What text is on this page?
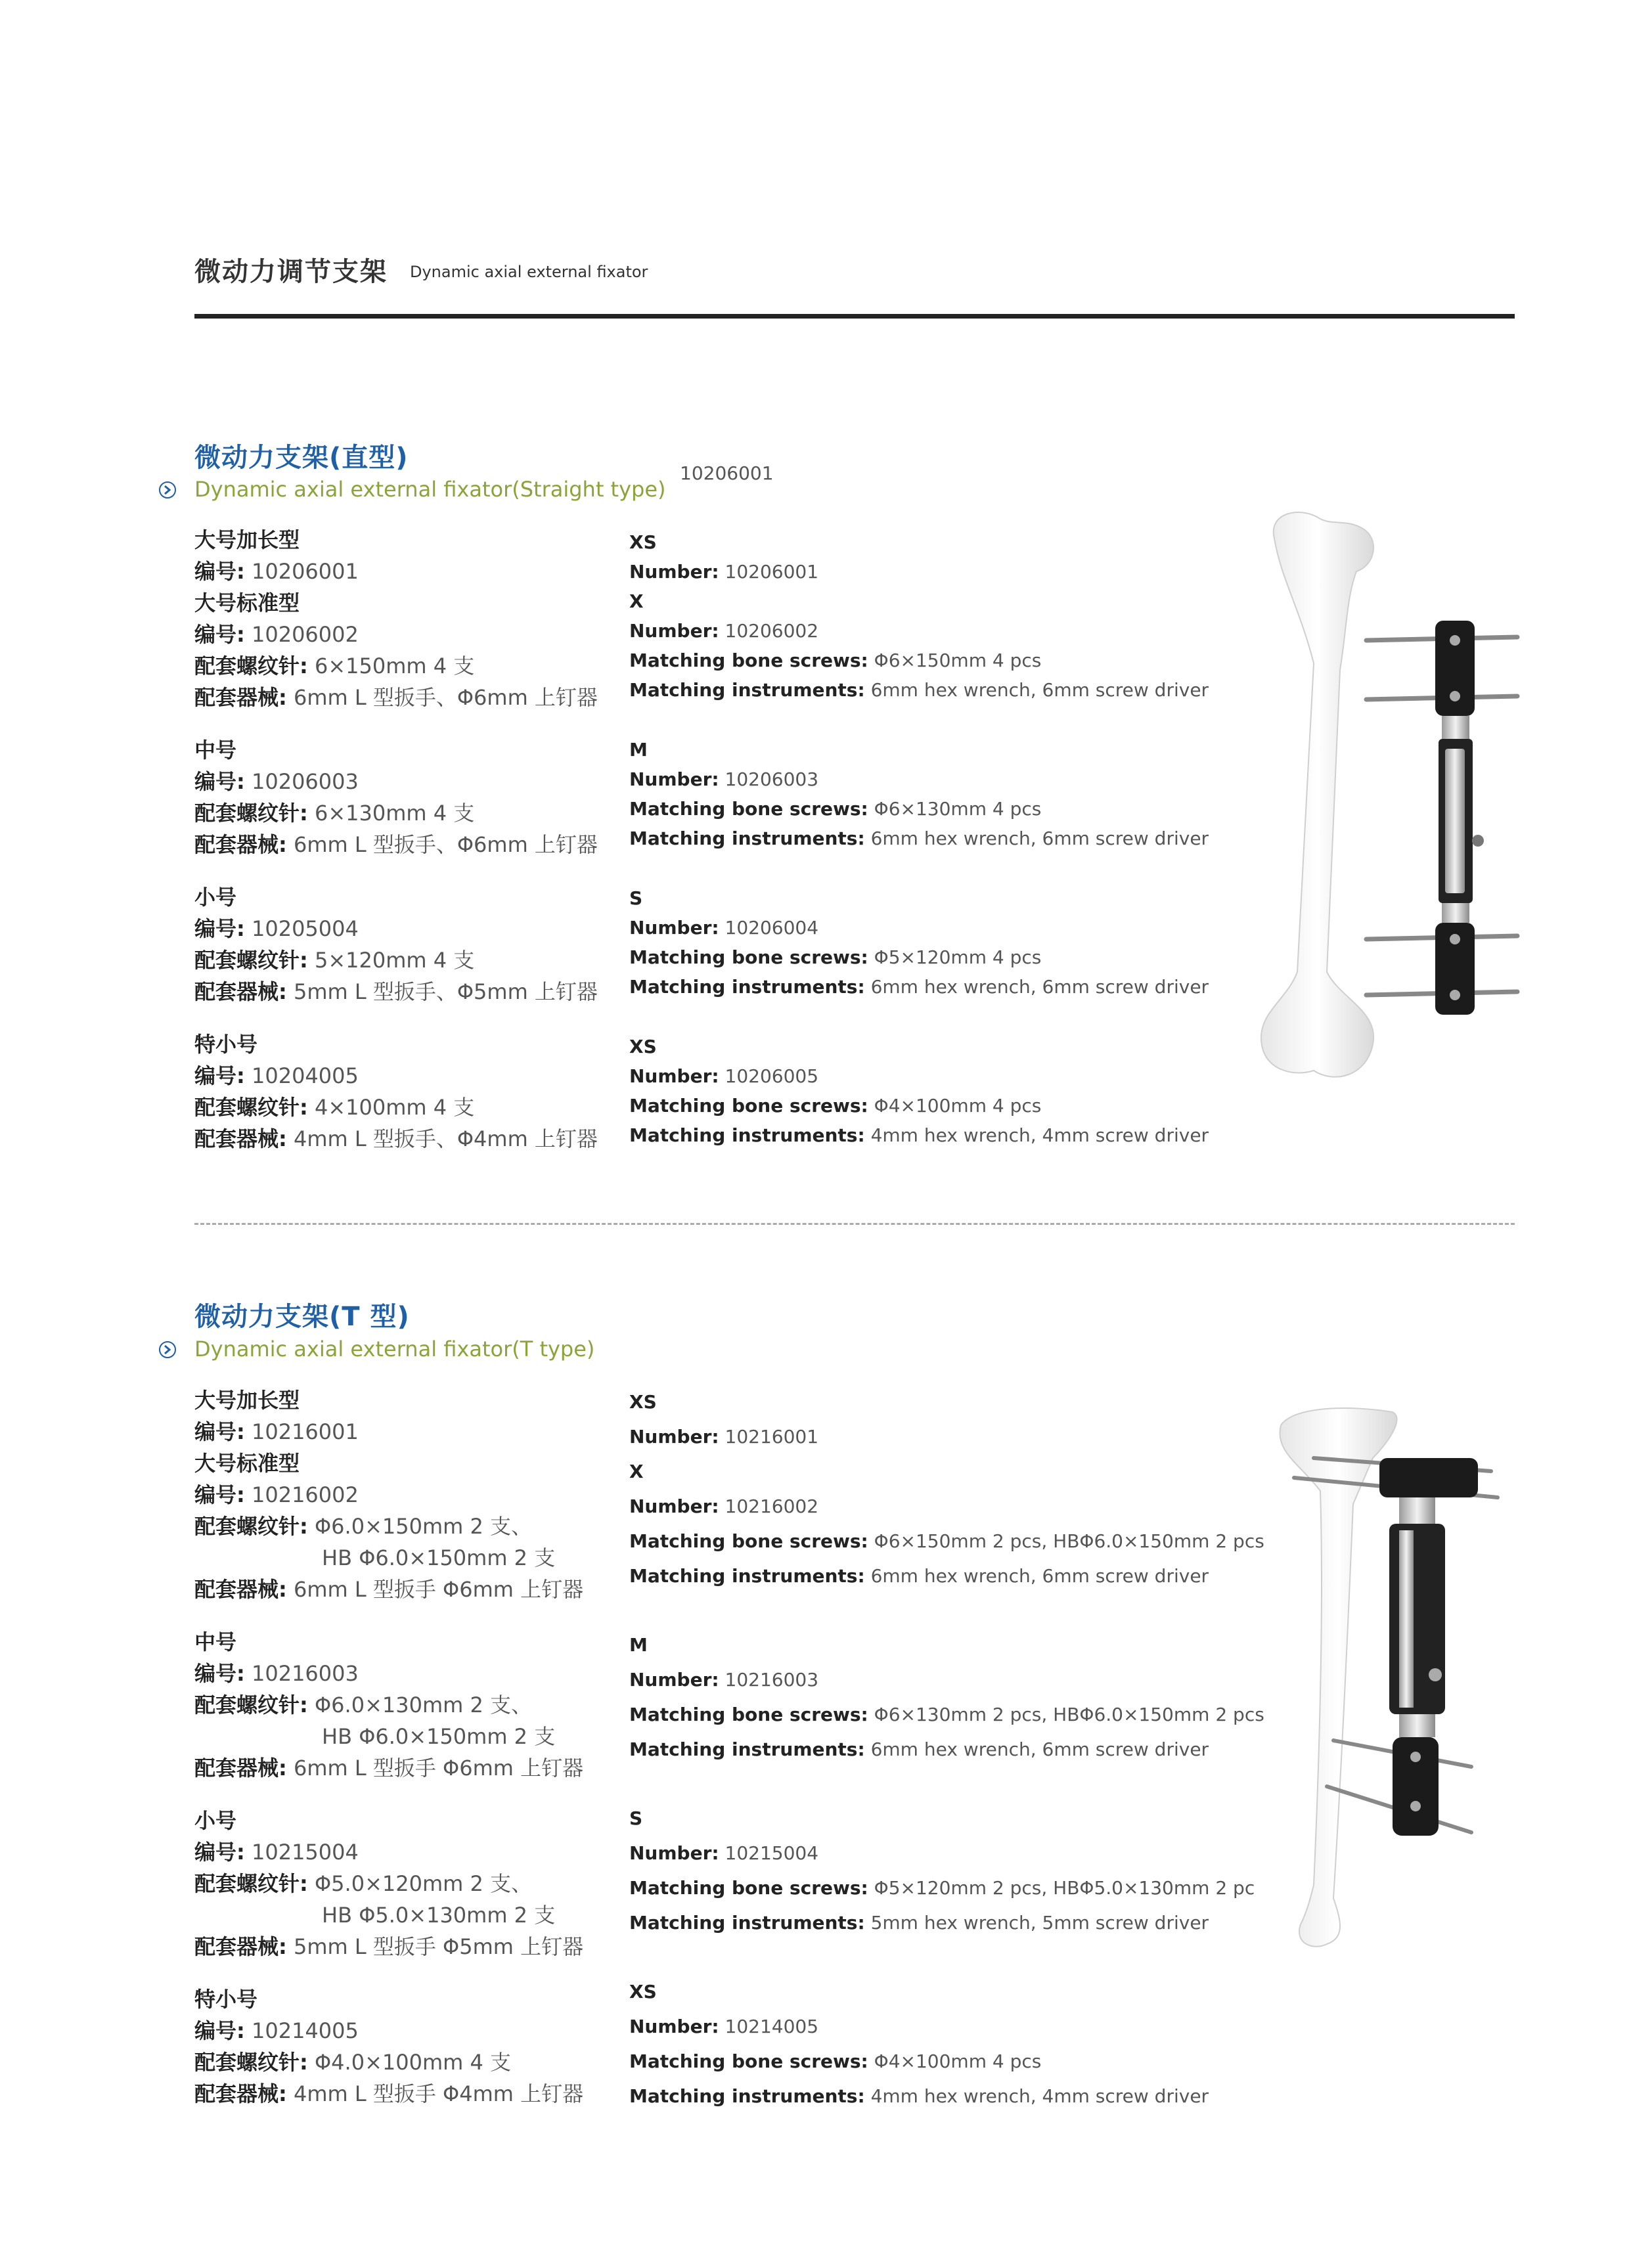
微动力调节支架 Dynamic axial external fixator
微动力支架(直型)
Dynamic axial external fixator(Straight type)
10206001
大号加长型
编号: 10206001
大号标准型
编号: 10206002
配套螺纹针: 6×150mm 4 支
配套器械: 6mm L 型扳手、Φ6mm 上钉器
中号
编号: 10206003
配套螺纹针: 6×130mm 4 支
配套器械: 6mm L 型扳手、Φ6mm 上钉器
小号
编号: 10205004
配套螺纹针: 5×120mm 4 支
配套器械: 5mm L 型扳手、Φ5mm 上钉器
特小号
编号: 10204005
配套螺纹针: 4×100mm 4 支
配套器械: 4mm L 型扳手、Φ4mm 上钉器
XS
Number: 10206001
X
Number: 10206002
Matching bone screws: Φ6×150mm 4 pcs
Matching instruments: 6mm hex wrench, 6mm screw driver
M
Number: 10206003
Matching bone screws: Φ6×130mm 4 pcs
Matching instruments: 6mm hex wrench, 6mm screw driver
S
Number: 10206004
Matching bone screws: Φ5×120mm 4 pcs
Matching instruments: 6mm hex wrench, 6mm screw driver
XS
Number: 10206005
Matching bone screws: Φ4×100mm 4 pcs
Matching instruments: 4mm hex wrench, 4mm screw driver
微动力支架(T 型)
Dynamic axial external fixator(T type)
大号加长型
编号: 10216001
大号标准型
编号: 10216002
配套螺纹针: Φ6.0×150mm 2 支、
HB Φ6.0×150mm 2 支
配套器械: 6mm L 型扳手 Φ6mm 上钉器
中号
编号: 10216003
配套螺纹针: Φ6.0×130mm 2 支、
HB Φ6.0×150mm 2 支
配套器械: 6mm L 型扳手 Φ6mm 上钉器
小号
编号: 10215004
配套螺纹针: Φ5.0×120mm 2 支、
HB Φ5.0×130mm 2 支
配套器械: 5mm L 型扳手 Φ5mm 上钉器
特小号
编号: 10214005
配套螺纹针: Φ4.0×100mm 4 支
配套器械: 4mm L 型扳手 Φ4mm 上钉器
XS
Number: 10216001
X
Number: 10216002
Matching bone screws: Φ6×150mm 2 pcs, HBΦ6.0×150mm 2 pcs
Matching instruments: 6mm hex wrench, 6mm screw driver
M
Number: 10216003
Matching bone screws: Φ6×130mm 2 pcs, HBΦ6.0×150mm 2 pcs
Matching instruments: 6mm hex wrench, 6mm screw driver
S
Number: 10215004
Matching bone screws: Φ5×120mm 2 pcs, HBΦ5.0×130mm 2 pc
Matching instruments: 5mm hex wrench, 5mm screw driver
XS
Number: 10214005
Matching bone screws: Φ4×100mm 4 pcs
Matching instruments: 4mm hex wrench, 4mm screw driver
